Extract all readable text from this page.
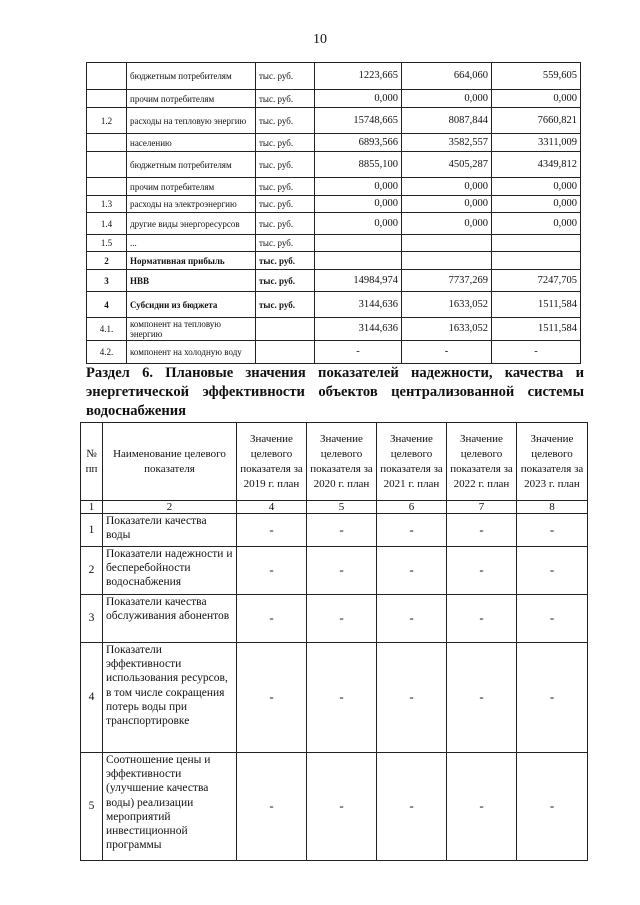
10
	бюджетным потребителям	тыс. руб.	1223,665	664,060	559,605
	прочим потребителям	тыс. руб.	0,000	0,000	0,000
1.2	расходы на тепловую энергию	тыс. руб.	15748,665	8087,844	7660,821
	населению	тыс. руб.	6893,566	3582,557	3311,009
	бюджетным потребителям	тыс. руб.	8855,100	4505,287	4349,812
	прочим потребителям	тыс. руб.	0,000	0,000	0,000
1.3	расходы на электроэнергию	тыс. руб.	0,000	0,000	0,000
1.4	другие виды энергоресурсов	тыс. руб.	0,000	0,000	0,000
1.5	...	тыс. руб.			
2	Нормативная прибыль	тыс. руб.			
3	НВВ	тыс. руб.	14984,974	7737,269	7247,705
4	Субсидии из бюджета	тыс. руб.	3144,636	1633,052	1511,584
4.1.	компонент на тепловую энергию		3144,636	1633,052	1511,584
4.2.	компонент на холодную воду		-	-	-
Раздел 6. Плановые значения показателей надежности, качества и энергетической эффективности объектов централизованной системы водоснабжения
№ пп	Наименование целевого показателя	Значение целевого показателя за 2019 г. план	Значение целевого показателя за 2020 г. план	Значение целевого показателя за 2021 г. план	Значение целевого показателя за 2022 г. план	Значение целевого показателя за 2023 г. план
1	2	4	5	6	7	8
1	Показатели качества воды	-	-	-	-	-
2	Показатели надежности и бесперебойности водоснабжения	-	-	-	-	-
3	Показатели качества обслуживания абонентов	-	-	-	-	-
4	Показатели эффективности использования ресурсов, в том числе сокращения потерь воды при транспортировке	-	-	-	-	-
5	Соотношение цены и эффективности (улучшение качества воды) реализации мероприятий инвестиционной программы	-	-	-	-	-
